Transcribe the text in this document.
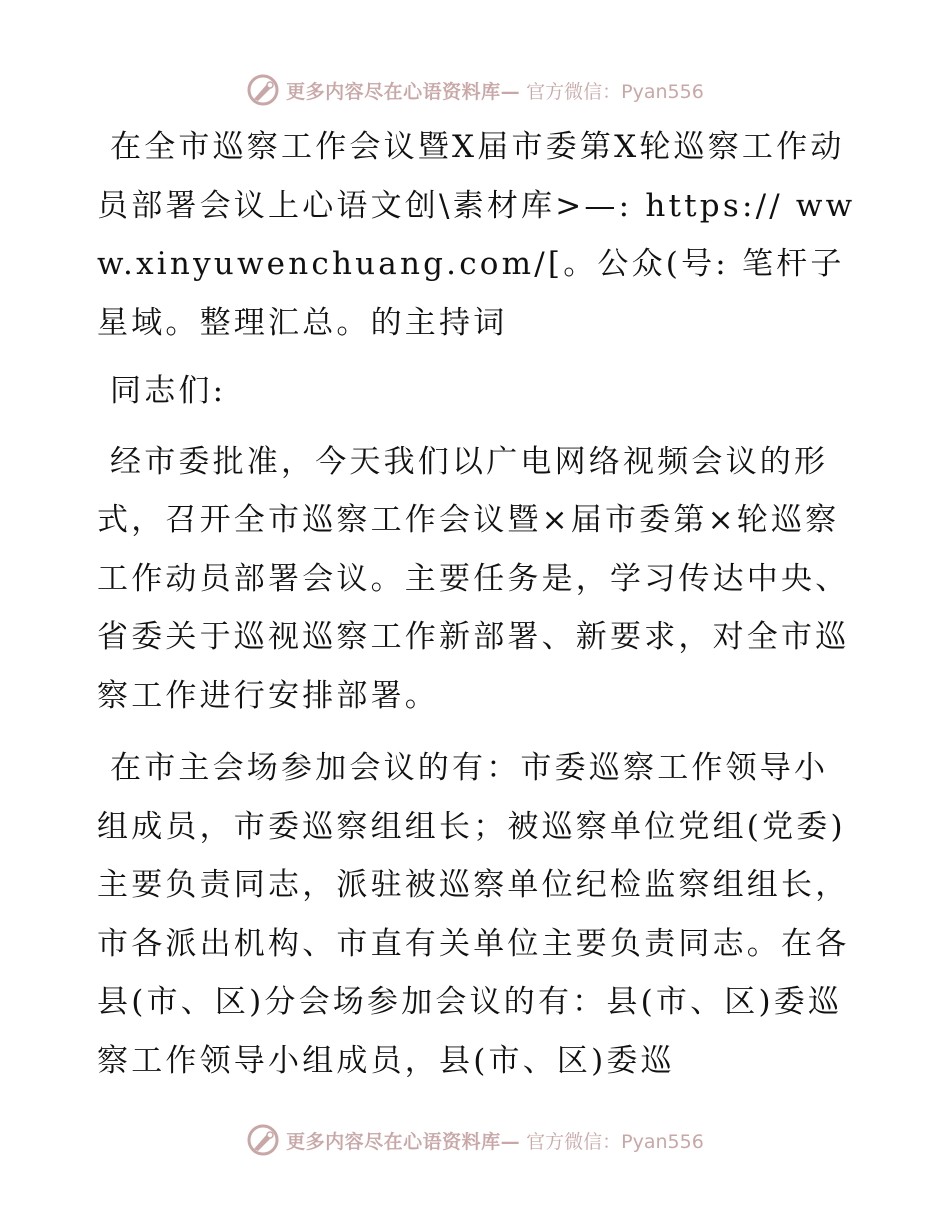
更多内容尽在心语资料库— 官方微信：Pyan556

在全市巡察工作会议暨X届市委第X轮巡察工作动员部署会议上心语文创\素材库>—: https:// www.xinyuwenchuang.com/[。公众(号: 笔杆子星域。整理汇总。的主持词

同志们:

经市委批准，今天我们以广电网络视频会议的形式，召开全市巡察工作会议暨×届市委第×轮巡察工作动员部署会议。主要任务是，学习传达中央、省委关于巡视巡察工作新部署、新要求，对全市巡察工作进行安排部署。

在市主会场参加会议的有：市委巡察工作领导小组成员，市委巡察组组长；被巡察单位党组(党委)主要负责同志，派驻被巡察单位纪检监察组组长，市各派出机构、市直有关单位主要负责同志。在各县(市、区)分会场参加会议的有：县(市、区)委巡察工作领导小组成员，县(市、区)委巡

更多内容尽在心语资料库— 官方微信：Pyan556
